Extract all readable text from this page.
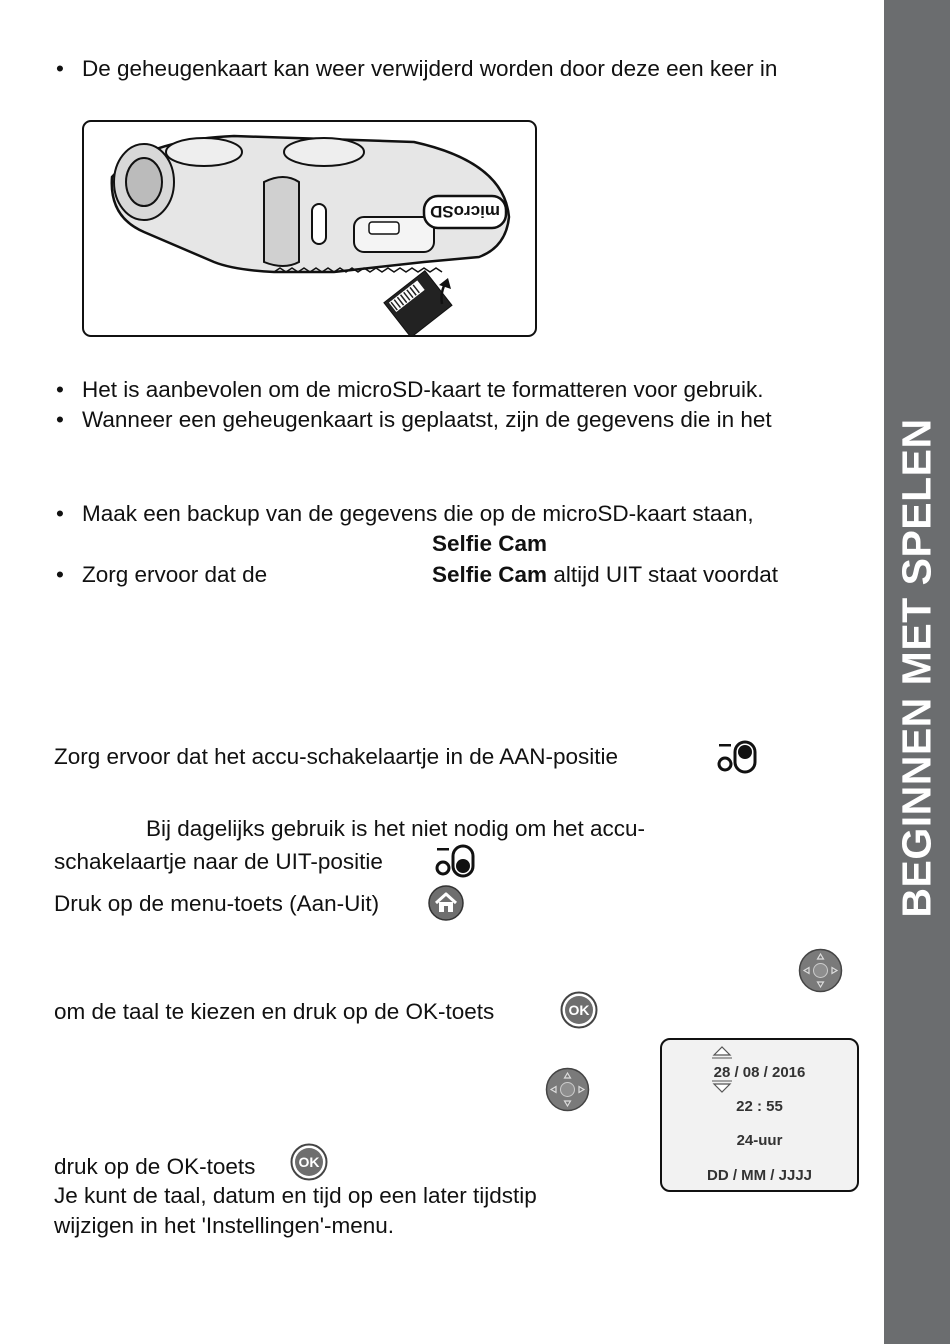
BEGINNEN MET SPELEN
• De geheugenkaart kan weer verwijderd worden door deze een keer in
microSD
• Het is aanbevolen om de microSD-kaart te formatteren voor gebruik.
• Wanneer een geheugenkaart is geplaatst, zijn de gegevens die in het
• Maak een backup van de gegevens die op de microSD-kaart staan,
Selfie Cam
• Zorg ervoor dat de	Selfie Cam altijd UIT staat voordat
Zorg ervoor dat het accu-schakelaartje in de AAN-positie
Bij dagelijks gebruik is het niet nodig om het accu-
schakelaartje naar de UIT-positie
Druk op de menu-toets (Aan-Uit)
om de taal te kiezen en druk op de OK-toets	OK
28 / 08 / 2016
22 : 55
24-uur
DD / MM / JJJJ
druk op de OK-toets	OK
Je kunt de taal, datum en tijd op een later tijdstip
wijzigen in het 'Instellingen'-menu.
